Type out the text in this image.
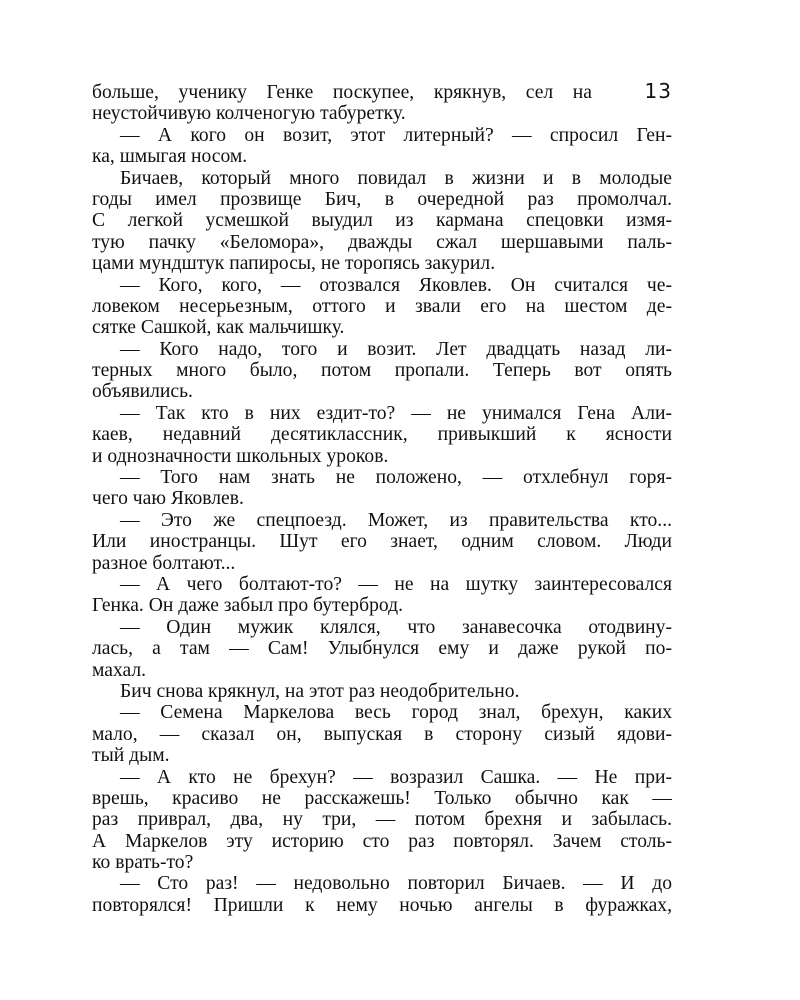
13
больше, ученику Генке поскупее, крякнув, сел на
неустойчивую колченогую табуретку.
— А кого он возит, этот литерный? — спросил Ген-
ка, шмыгая носом.
Бичаев, который много повидал в жизни и в молодые
годы имел прозвище Бич, в очередной раз промолчал.
С легкой усмешкой выудил из кармана спецовки измя-
тую пачку «Беломора», дважды сжал шершавыми паль-
цами мундштук папиросы, не торопясь закурил.
— Кого, кого, — отозвался Яковлев. Он считался че-
ловеком несерьезным, оттого и звали его на шестом де-
сятке Сашкой, как мальчишку.
— Кого надо, того и возит. Лет двадцать назад ли-
терных много было, потом пропали. Теперь вот опять
объявились.
— Так кто в них ездит-то? — не унимался Гена Али-
каев, недавний десятиклассник, привыкший к ясности
и однозначности школьных уроков.
— Того нам знать не положено, — отхлебнул горя-
чего чаю Яковлев.
— Это же спецпоезд. Может, из правительства кто...
Или иностранцы. Шут его знает, одним словом. Люди
разное болтают...
— А чего болтают-то? — не на шутку заинтересовался
Генка. Он даже забыл про бутерброд.
— Один мужик клялся, что занавесочка отодвину-
лась, а там — Сам! Улыбнулся ему и даже рукой по-
махал.
Бич снова крякнул, на этот раз неодобрительно.
— Семена Маркелова весь город знал, брехун, каких
мало, — сказал он, выпуская в сторону сизый ядови-
тый дым.
— А кто не брехун? — возразил Сашка. — Не при-
врешь, красиво не расскажешь! Только обычно как —
раз приврал, два, ну три, — потом брехня и забылась.
А Маркелов эту историю сто раз повторял. Зачем столь-
ко врать-то?
— Сто раз! — недовольно повторил Бичаев. — И до
повторялся! Пришли к нему ночью ангелы в фуражках,
